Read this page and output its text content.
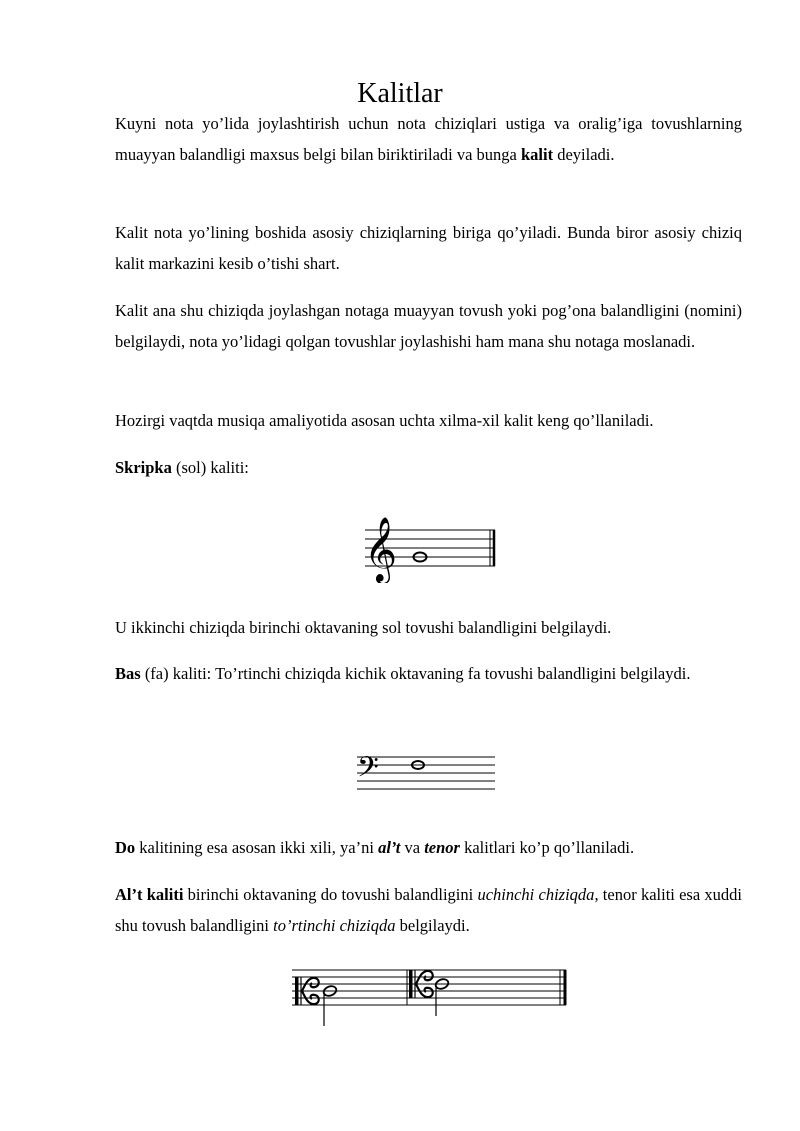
Kalitlar

Kuyni nota yo’lida joylashtirish uchun nota chiziqlari ustiga va oralig’iga tovushlarning muayyan balandligi maxsus belgi bilan biriktiriladi va bunga kalit deyiladi.

Kalit nota yo’lining boshida asosiy chiziqlarning biriga qo’yiladi. Bunda biror asosiy chiziq kalit markazini kesib o’tishi shart.

Kalit ana shu chiziqda joylashgan notaga muayyan tovush yoki pog’ona balandligini (nomini) belgilaydi, nota yo’lidagi qolgan tovushlar joylashishi ham mana shu notaga moslanadi.

Hozirgi vaqtda musiqa amaliyotida asosan uchta xilma-xil kalit keng qo’llaniladi.

Skripka (sol) kaliti:

𝄞

U ikkinchi chiziqda birinchi oktavaning sol tovushi balandligini belgilaydi.

Bas (fa) kaliti: To’rtinchi chiziqda kichik oktavaning fa tovushi balandligini belgilaydi.

𝄢

Do kalitining esa asosan ikki xili, ya’ni al’t va tenor kalitlari ko’p qo’llaniladi.

Al’t kaliti birinchi oktavaning do tovushi balandligini uchinchi chiziqda, tenor kaliti esa xuddi shu tovush balandligini to’rtinchi chiziqda belgilaydi.
